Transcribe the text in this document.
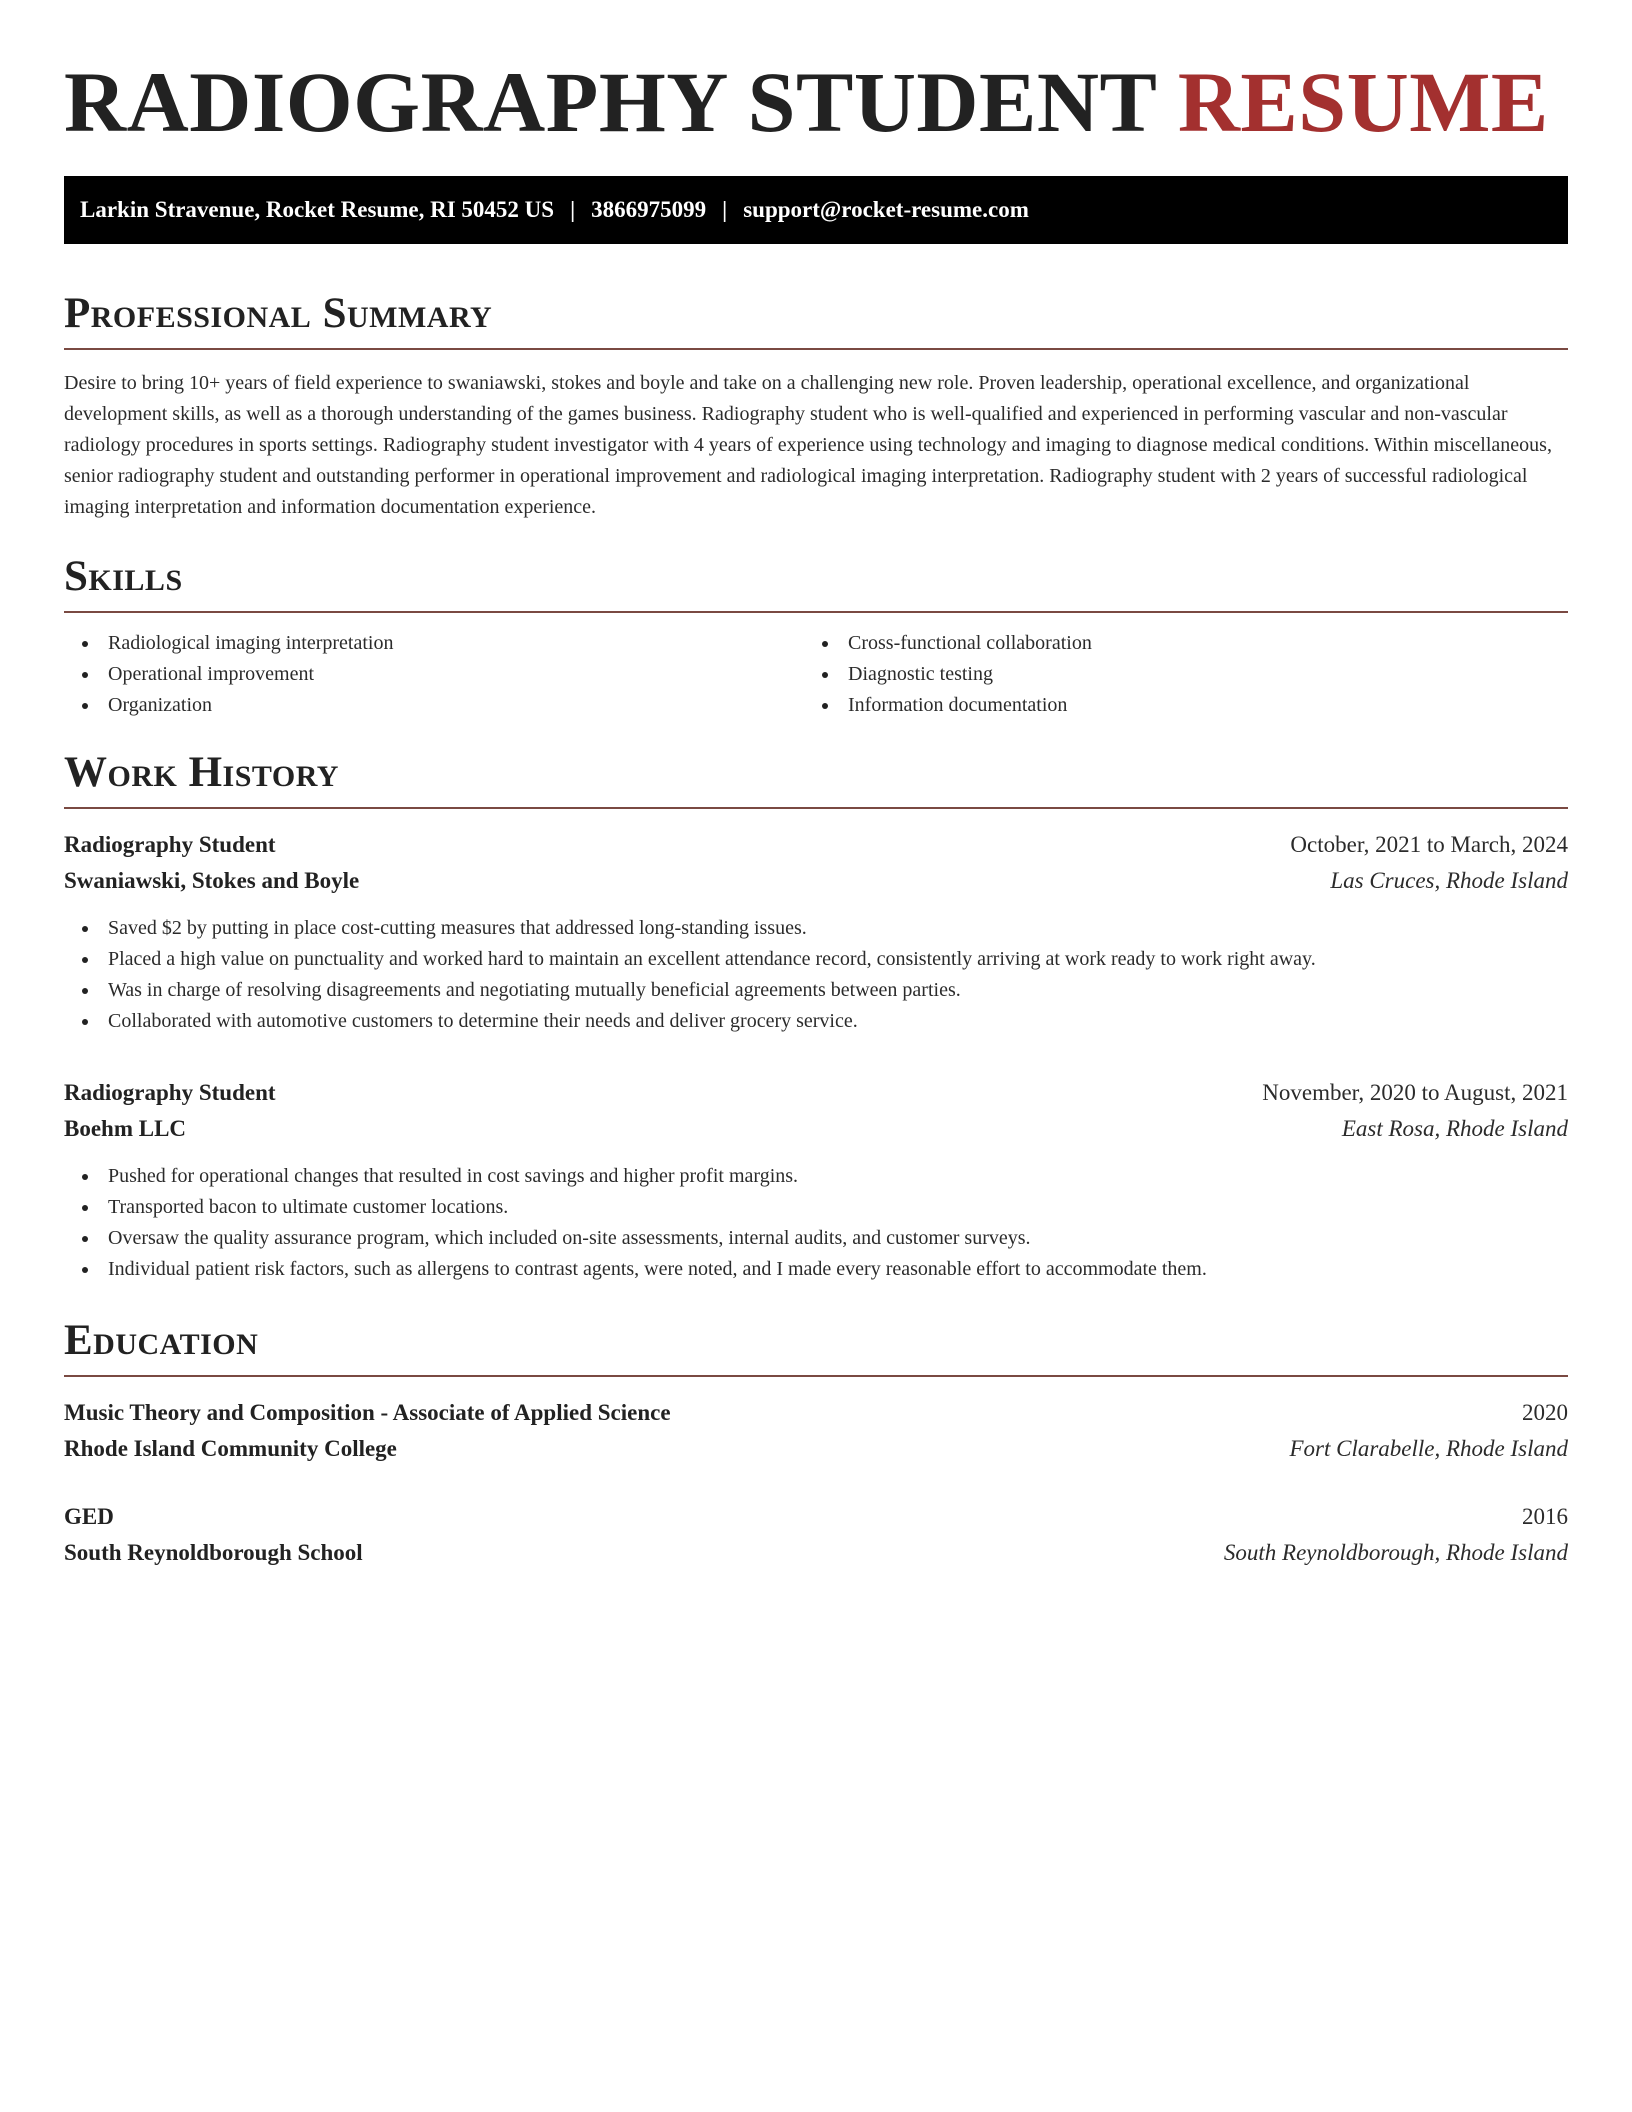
RADIOGRAPHY STUDENT RESUME
Larkin Stravenue, Rocket Resume, RI 50452 US | 3866975099 | support@rocket-resume.com
Professional Summary

Desire to bring 10+ years of field experience to swaniawski, stokes and boyle and take on a challenging new role. Proven leadership, operational excellence, and organizational development skills, as well as a thorough understanding of the games business. Radiography student who is well-qualified and experienced in performing vascular and non-vascular radiology procedures in sports settings. Radiography student investigator with 4 years of experience using technology and imaging to diagnose medical conditions. Within miscellaneous, senior radiography student and outstanding performer in operational improvement and radiological imaging interpretation. Radiography student with 2 years of successful radiological imaging interpretation and information documentation experience.

Skills
Radiological imaging interpretation
Operational improvement
Organization
Cross-functional collaboration
Diagnostic testing
Information documentation
Work History
Radiography Student	October, 2021 to March, 2024
Swaniawski, Stokes and Boyle	Las Cruces, Rhode Island
Saved $2 by putting in place cost-cutting measures that addressed long-standing issues.
Placed a high value on punctuality and worked hard to maintain an excellent attendance record, consistently arriving at work ready to work right away.
Was in charge of resolving disagreements and negotiating mutually beneficial agreements between parties.
Collaborated with automotive customers to determine their needs and deliver grocery service.
Radiography Student	November, 2020 to August, 2021
Boehm LLC	East Rosa, Rhode Island
Pushed for operational changes that resulted in cost savings and higher profit margins.
Transported bacon to ultimate customer locations.
Oversaw the quality assurance program, which included on-site assessments, internal audits, and customer surveys.
Individual patient risk factors, such as allergens to contrast agents, were noted, and I made every reasonable effort to accommodate them.
Education
Music Theory and Composition - Associate of Applied Science	2020
Rhode Island Community College	Fort Clarabelle, Rhode Island
GED	2016
South Reynoldborough School	South Reynoldborough, Rhode Island
